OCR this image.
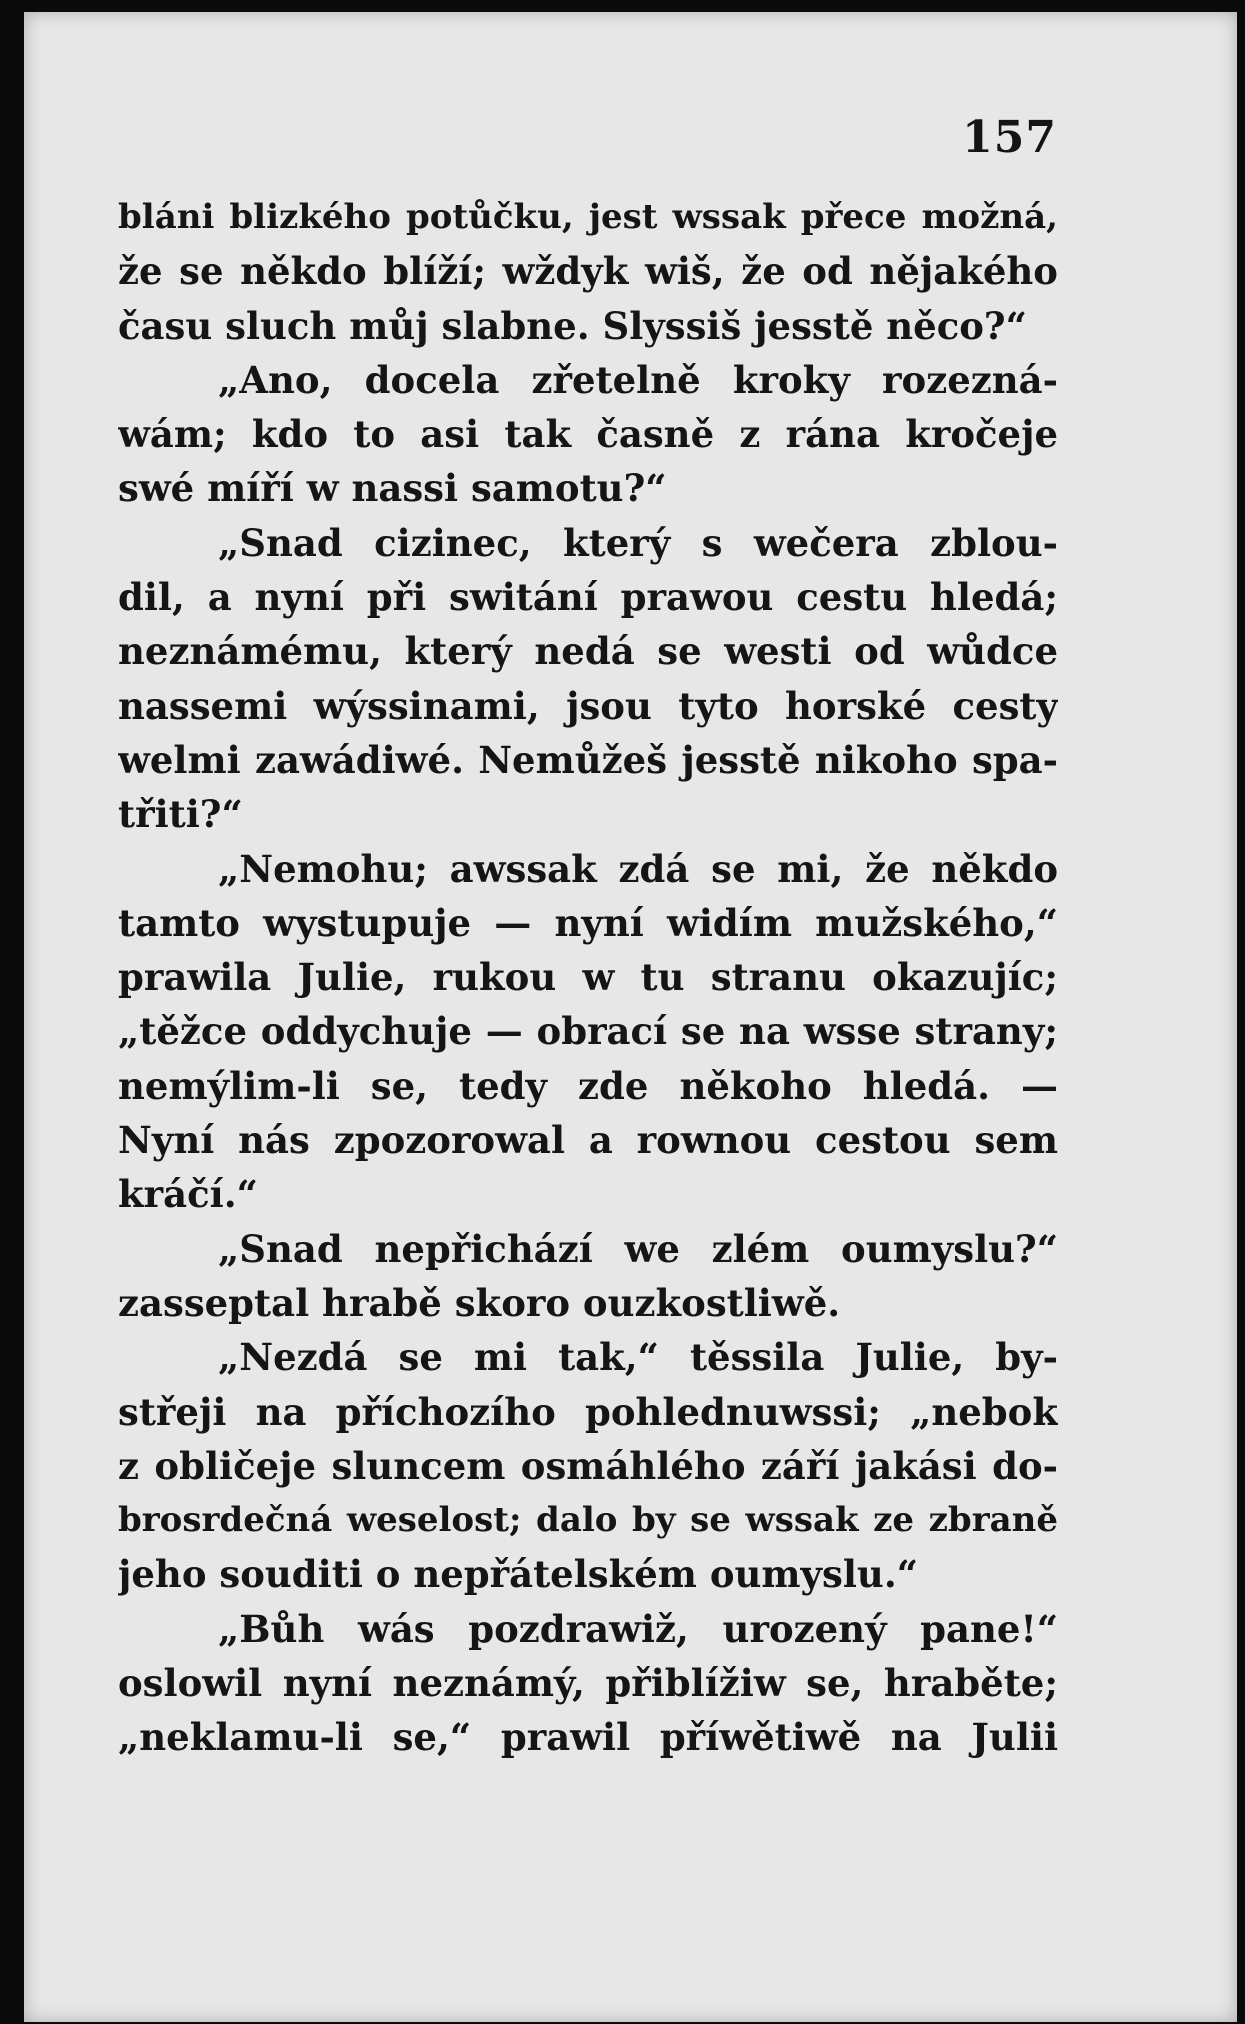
157
bláni blizkého potůčku, jest wssak přece možná,
že se někdo blíží; wždyk wiš, že od nějakého
času sluch můj slabne. Slyssiš jesstě něco?“
„Ano, docela zřetelně kroky rozezná-
wám; kdo to asi tak časně z rána kročeje
swé míří w nassi samotu?“
„Snad cizinec, který s wečera zblou-
dil, a nyní při switání prawou cestu hledá;
neznámému, který nedá se westi od wůdce
nassemi wýssinami, jsou tyto horské cesty
welmi zawádiwé. Nemůžeš jesstě nikoho spa-
třiti?“
„Nemohu; awssak zdá se mi, že někdo
tamto wystupuje — nyní widím mužského,“
prawila Julie, rukou w tu stranu okazujíc;
„těžce oddychuje — obrací se na wsse strany;
nemýlim-li se, tedy zde někoho hledá. —
Nyní nás zpozorowal a rownou cestou sem
kráčí.“
„Snad nepřichází we zlém oumyslu?“
zasseptal hrabě skoro ouzkostliwě.
„Nezdá se mi tak,“ těssila Julie, by-
střeji na příchozího pohlednuwssi; „nebok
z obličeje sluncem osmáhlého září jakási do-
brosrdečná weselost; dalo by se wssak ze zbraně
jeho souditi o nepřátelském oumyslu.“
„Bůh wás pozdrawiž, urozený pane!“
oslowil nyní neznámý, přiblížiw se, hraběte;
„neklamu-li se,“ prawil příwětiwě na Julii
